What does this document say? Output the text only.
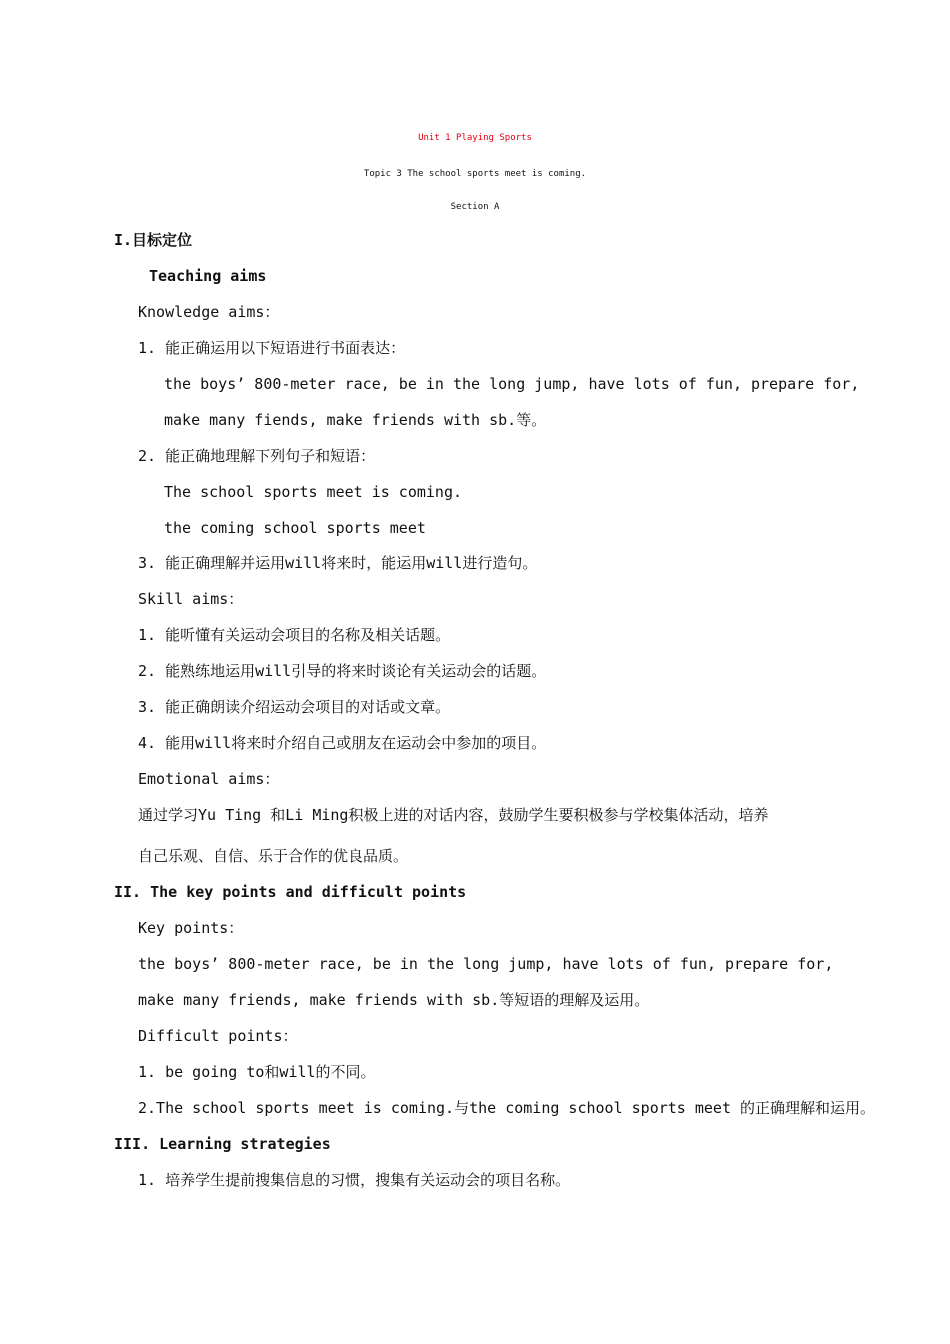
Unit 1 Playing Sports
Topic 3 The school sports meet is coming.
Section A
I.目标定位
Teaching aims
Knowledge aims：
1. 能正确运用以下短语进行书面表达：
the boys’ 800-meter race, be in the long jump, have lots of fun, prepare for,
make many fiends, make friends with sb.等。
2. 能正确地理解下列句子和短语：
The school sports meet is coming.
the coming school sports meet
3. 能正确理解并运用will将来时，能运用will进行造句。
Skill aims：
1. 能听懂有关运动会项目的名称及相关话题。
2. 能熟练地运用will引导的将来时谈论有关运动会的话题。
3. 能正确朗读介绍运动会项目的对话或文章。
4. 能用will将来时介绍自己或朋友在运动会中参加的项目。
Emotional aims：
通过学习Yu Ting 和Li Ming积极上进的对话内容，鼓励学生要积极参与学校集体活动，培养
自己乐观、自信、乐于合作的优良品质。
II. The key points and difficult points
Key points：
the boys’ 800-meter race, be in the long jump, have lots of fun, prepare for,
make many friends, make friends with sb.等短语的理解及运用。
Difficult points：
1. be going to和will的不同。
2.The school sports meet is coming.与the coming school sports meet 的正确理解和运用。
III. Learning strategies
1. 培养学生提前搜集信息的习惯，搜集有关运动会的项目名称。
